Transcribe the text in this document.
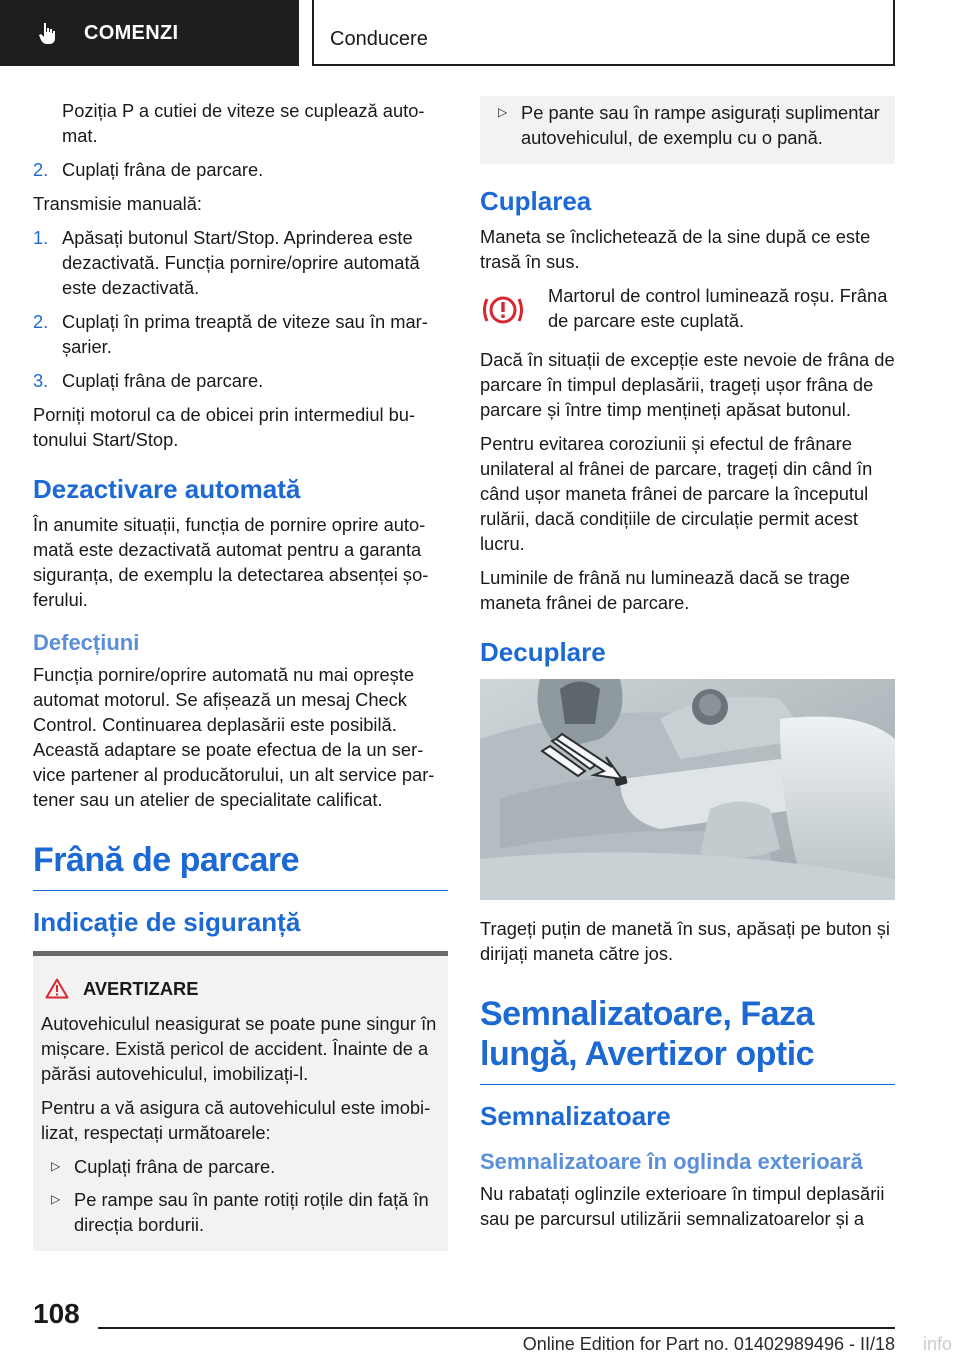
COMENZI	Conducere

Poziția P a cutiei de viteze se cuplează automat.

2. Cuplați frâna de parcare.

Transmisie manuală:

1. Apăsați butonul Start/Stop. Aprinderea este dezactivată. Funcția pornire/oprire automată este dezactivată.
2. Cuplați în prima treaptă de viteze sau în marșarier.
3. Cuplați frâna de parcare.

Porniți motorul ca de obicei prin intermediul butonului Start/Stop.

Dezactivare automată

În anumite situații, funcția de pornire oprire automată este dezactivată automat pentru a garanta siguranța, de exemplu la detectarea absenței șoferului.

Defecțiuni

Funcția pornire/oprire automată nu mai oprește automat motorul. Se afișează un mesaj Check Control. Continuarea deplasării este posibilă. Această adaptare se poate efectua de la un service partener al producătorului, un alt service partener sau un atelier de specialitate calificat.

Frână de parcare
Indicație de siguranță
AVERTIZARE

Autovehiculul neasigurat se poate pune singur în mișcare. Există pericol de accident. Înainte de a părăsi autovehiculul, imobilizați-l.

Pentru a vă asigura că autovehiculul este imobilizat, respectați următoarele:

▷ Cuplați frâna de parcare.
▷ Pe rampe sau în pante rotiți roțile din față în direcția bordurii.
▷ Pe pante sau în rampe asigurați suplimentar autovehiculul, de exemplu cu o pană.
Cuplarea

Maneta se înclichetează de la sine după ce este trasă în sus.

Martorul de control luminează roșu. Frâna de parcare este cuplată.

Dacă în situații de excepție este nevoie de frâna de parcare în timpul deplasării, trageți ușor frâna de parcare și între timp mențineți apăsat butonul.

Pentru evitarea coroziunii și efectul de frânare unilateral al frânei de parcare, trageți din când în când ușor maneta frânei de parcare la începutul rulării, dacă condițiile de circulație permit acest lucru.

Luminile de frână nu luminează dacă se trage maneta frânei de parcare.

Decuplare

Trageți puțin de manetă în sus, apăsați pe buton și dirijați maneta către jos.

Semnalizatoare, Faza lungă, Avertizor optic
Semnalizatoare
Semnalizatoare în oglinda exterioară

Nu rabatați oglinzile exterioare în timpul deplasării sau pe parcursul utilizării semnalizatoarelor și a

108
Online Edition for Part no. 01402989496 - II/18 info
